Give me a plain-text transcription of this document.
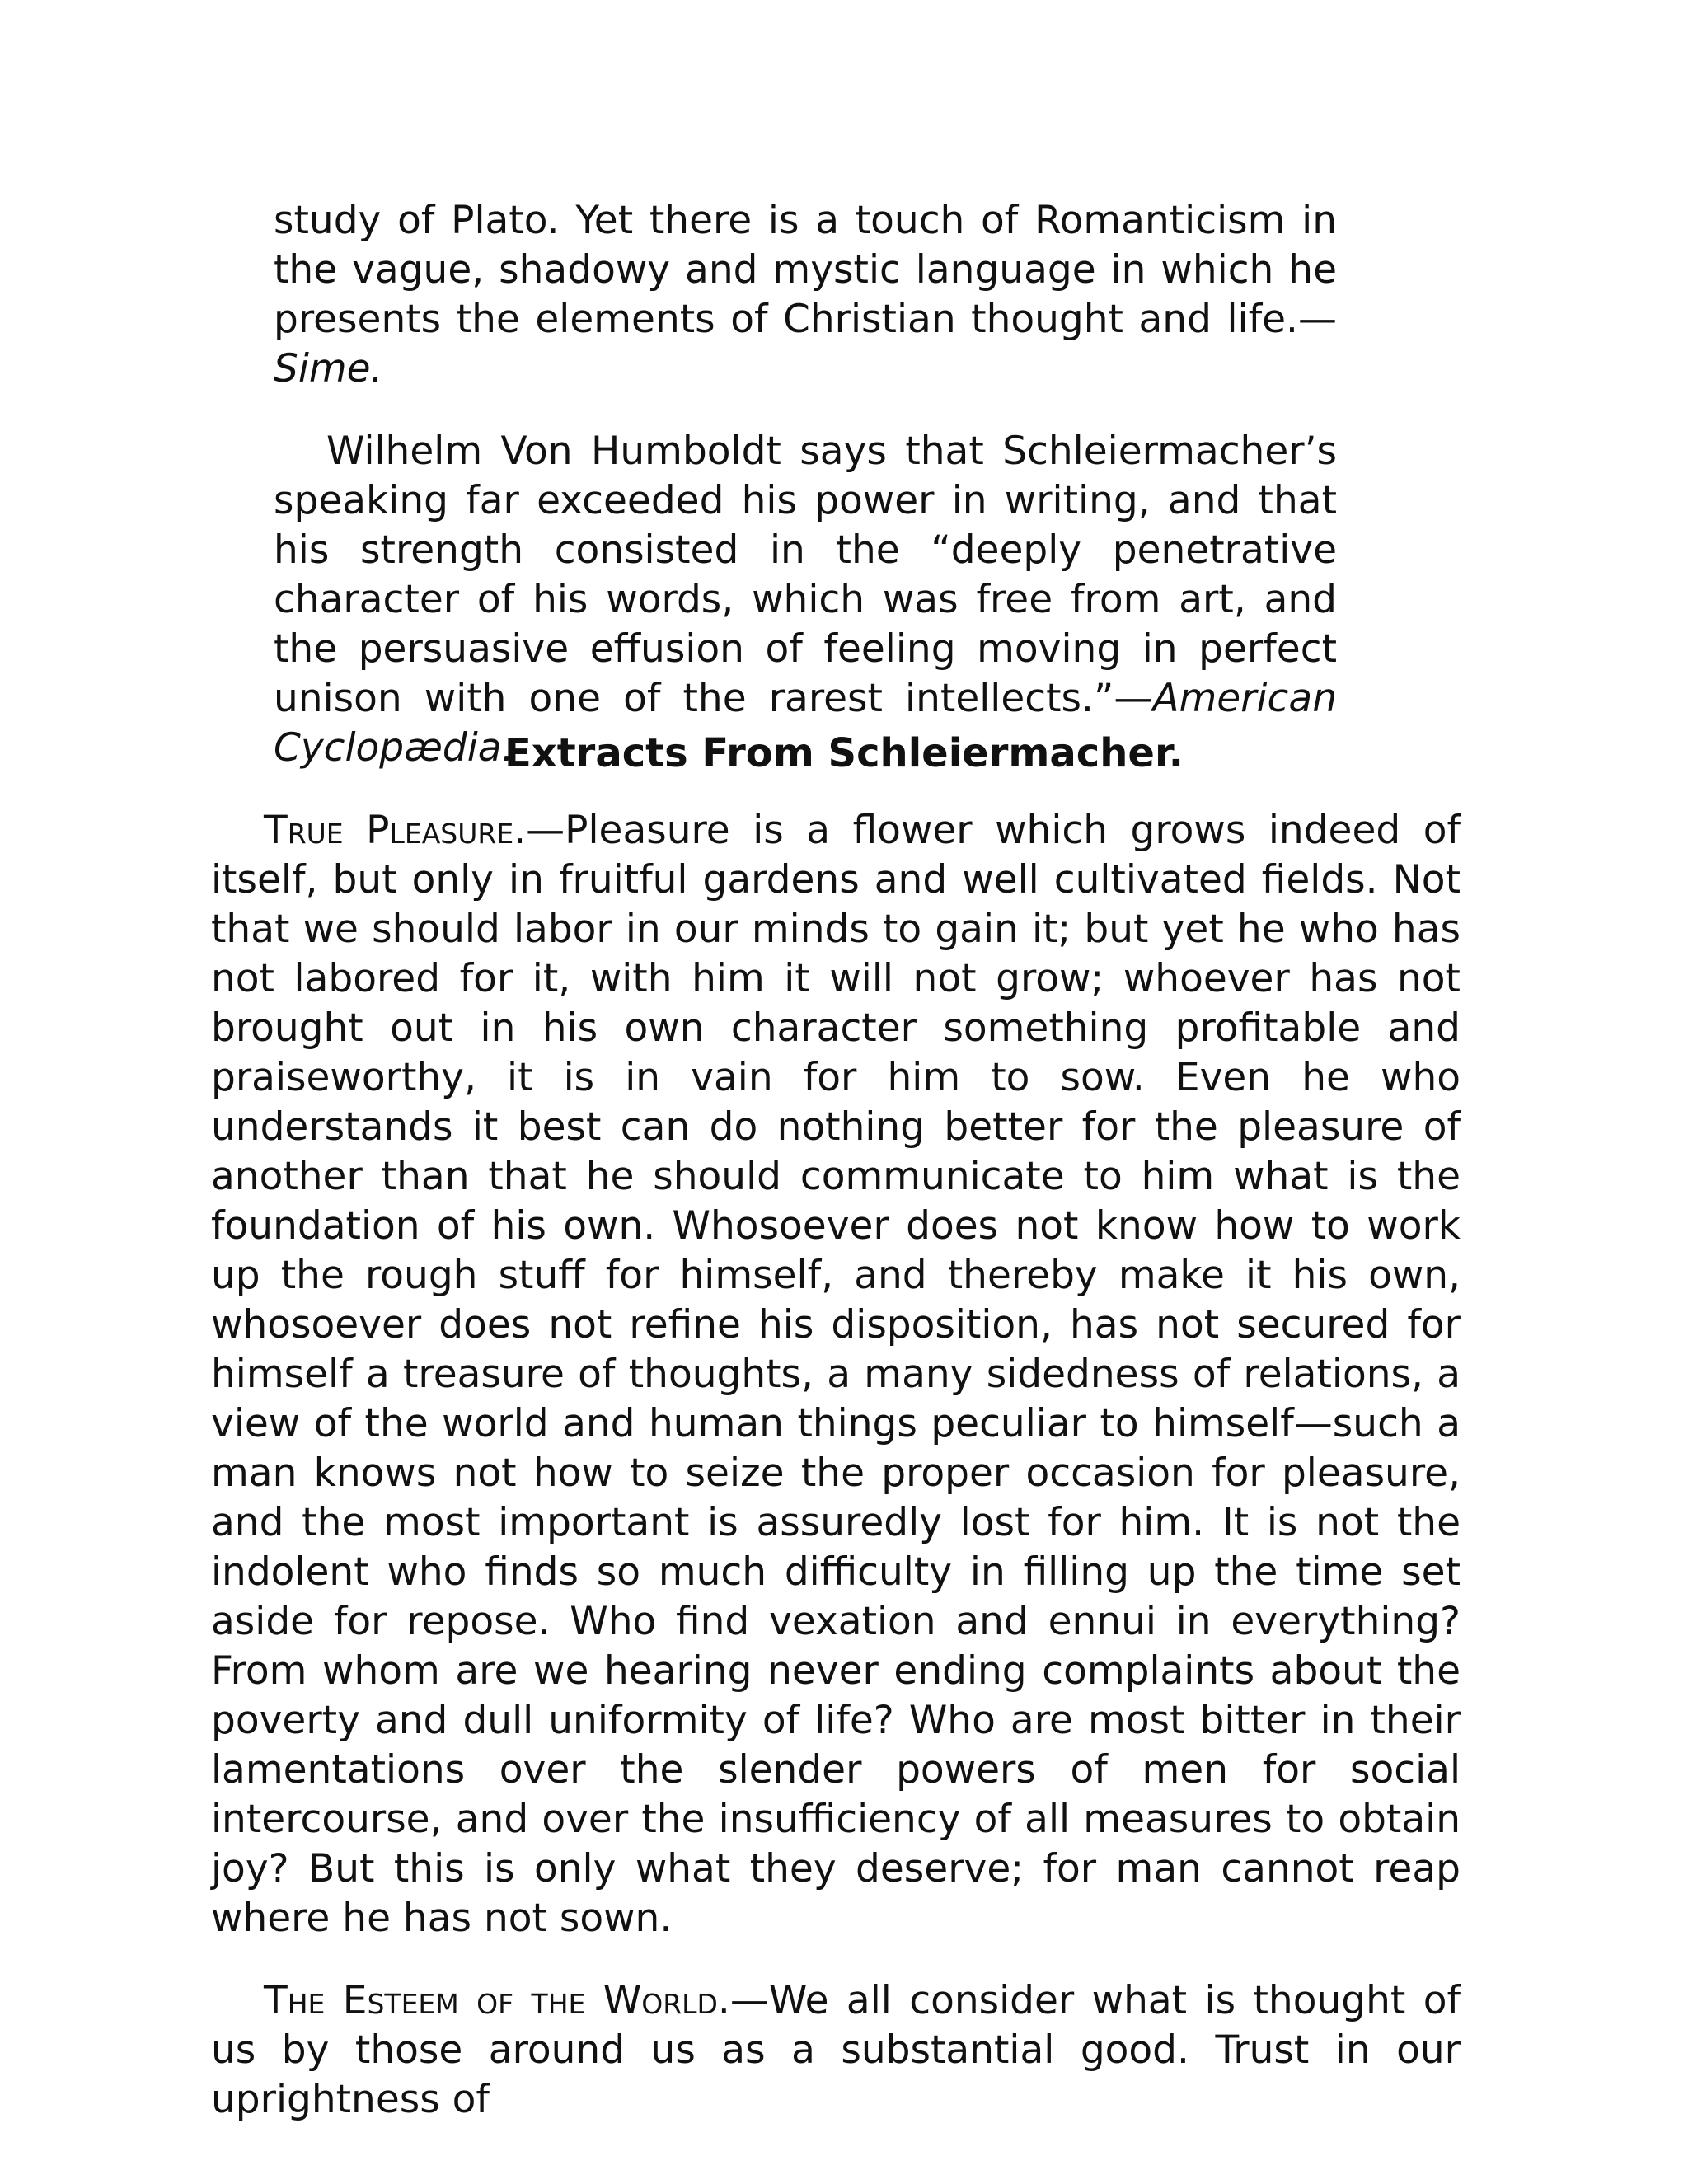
study of Plato. Yet there is a touch of Romanticism in the vague, shadowy and mystic language in which he presents the elements of Christian thought and life.—Sime.

Wilhelm Von Humboldt says that Schleiermacher’s speaking far exceeded his power in writing, and that his strength consisted in the “deeply penetrative character of his words, which was free from art, and the persuasive effusion of feeling moving in perfect unison with one of the rarest intellects.”—American Cyclopædia.

Extracts From Schleiermacher.

True Pleasure.—Pleasure is a flower which grows indeed of itself, but only in fruitful gardens and well cultivated fields. Not that we should labor in our minds to gain it; but yet he who has not labored for it, with him it will not grow; whoever has not brought out in his own character something profitable and praiseworthy, it is in vain for him to sow. Even he who understands it best can do nothing better for the pleasure of another than that he should communicate to him what is the foundation of his own. Whosoever does not know how to work up the rough stuff for himself, and thereby make it his own, whosoever does not refine his disposition, has not secured for himself a treasure of thoughts, a many sidedness of relations, a view of the world and human things peculiar to himself—such a man knows not how to seize the proper occasion for pleasure, and the most important is assuredly lost for him. It is not the indolent who finds so much difficulty in filling up the time set aside for repose. Who find vexation and ennui in everything? From whom are we hearing never ending complaints about the poverty and dull uniformity of life? Who are most bitter in their lamentations over the slender powers of men for social intercourse, and over the insufficiency of all measures to obtain joy? But this is only what they deserve; for man cannot reap where he has not sown.

The Esteem of the World.—We all consider what is thought of us by those around us as a substantial good. Trust in our uprightness of
